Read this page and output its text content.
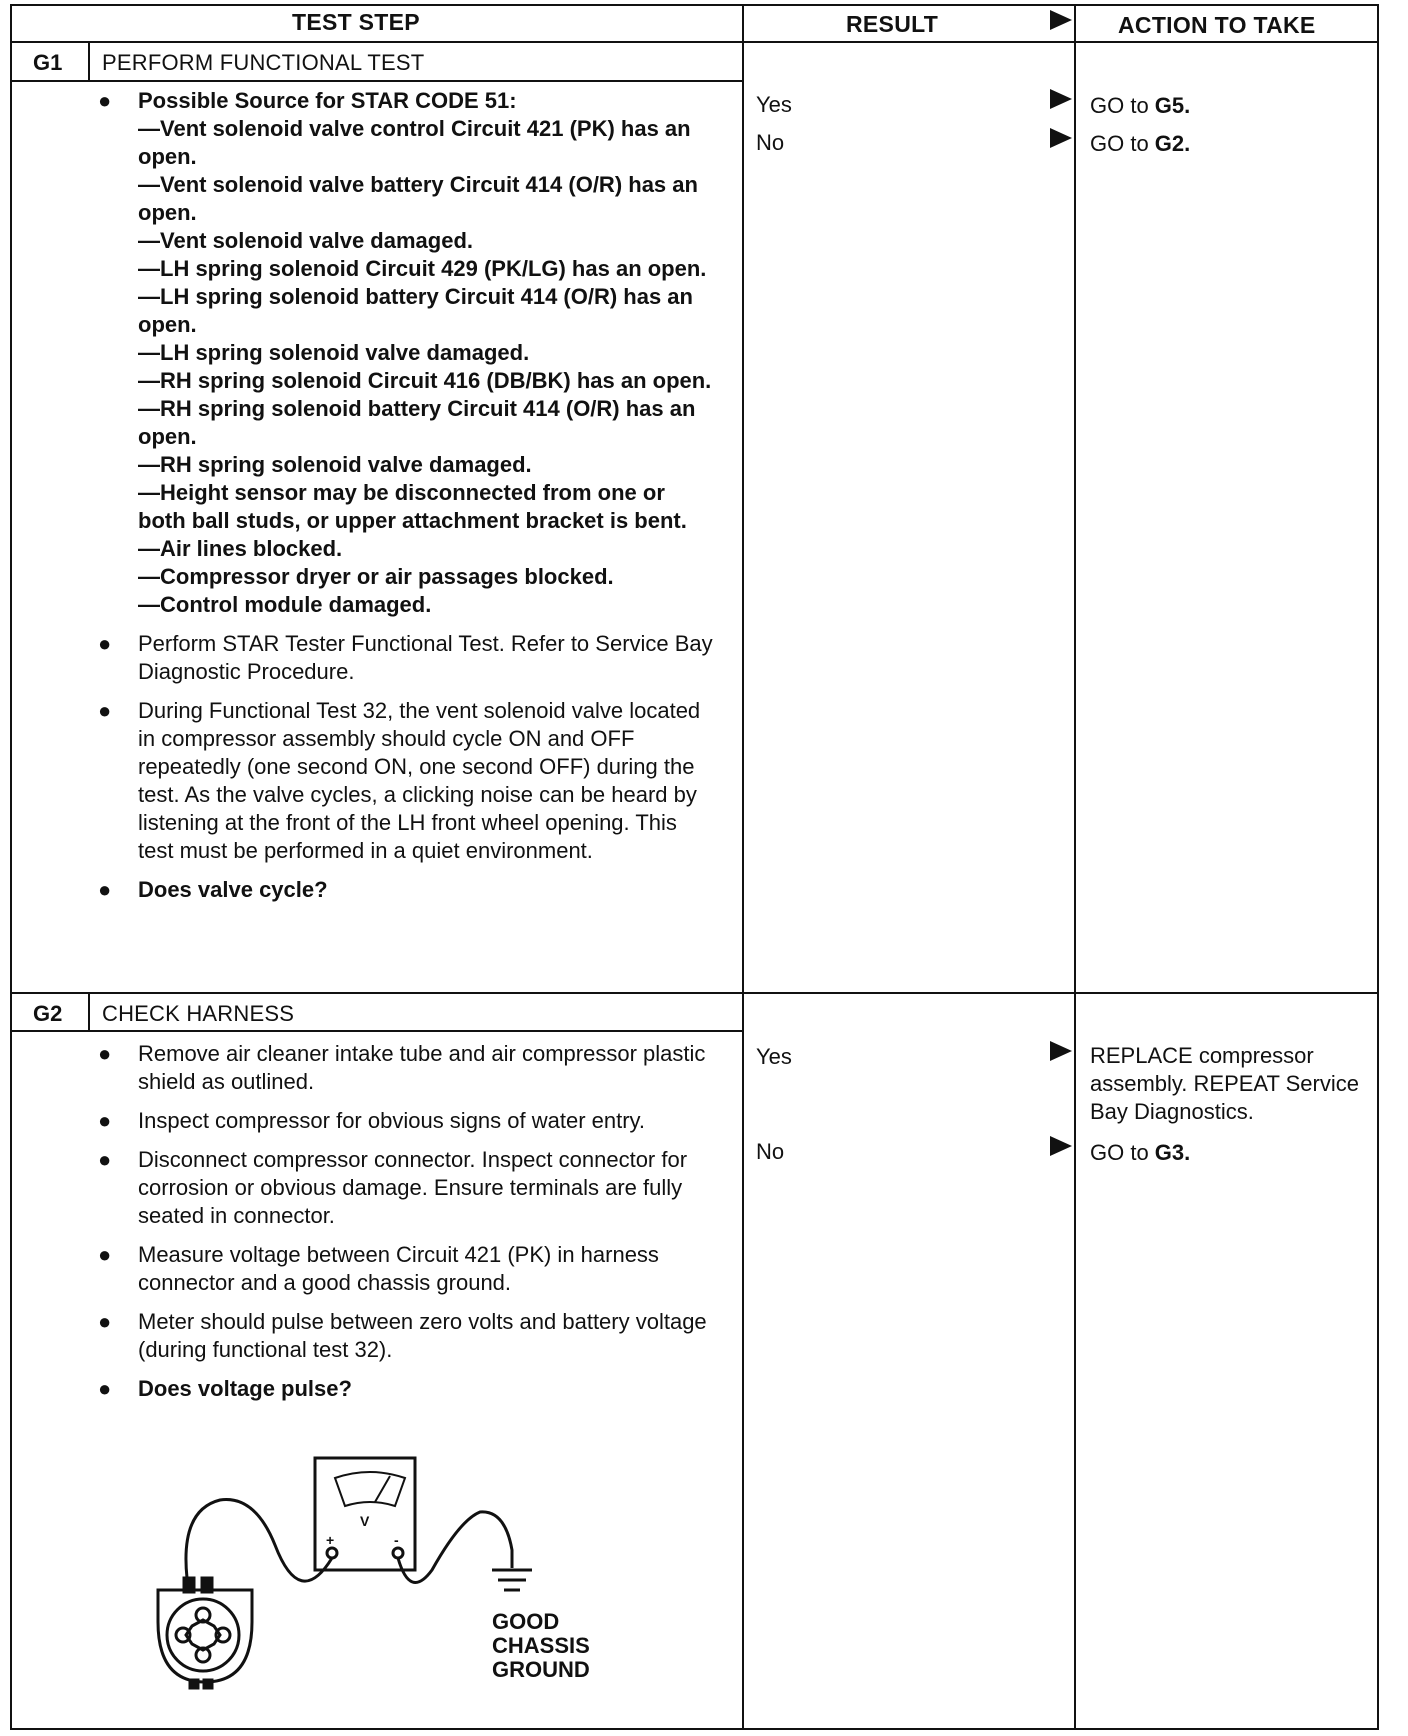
TEST STEP	RESULT	ACTION TO TAKE
G1 PERFORM FUNCTIONAL TEST
● Possible Source for STAR CODE 51:
—Vent solenoid valve control Circuit 421 (PK) has an open.
—Vent solenoid valve battery Circuit 414 (O/R) has an open.
—Vent solenoid valve damaged.
—LH spring solenoid Circuit 429 (PK/LG) has an open.
—LH spring solenoid battery Circuit 414 (O/R) has an open.
—LH spring solenoid valve damaged.
—RH spring solenoid Circuit 416 (DB/BK) has an open.
—RH spring solenoid battery Circuit 414 (O/R) has an open.
—RH spring solenoid valve damaged.
—Height sensor may be disconnected from one or both ball studs, or upper attachment bracket is bent.
—Air lines blocked.
—Compressor dryer or air passages blocked.
—Control module damaged.
● Perform STAR Tester Functional Test. Refer to Service Bay Diagnostic Procedure.
● During Functional Test 32, the vent solenoid valve located in compressor assembly should cycle ON and OFF repeatedly (one second ON, one second OFF) during the test. As the valve cycles, a clicking noise can be heard by listening at the front of the LH front wheel opening. This test must be performed in a quiet environment.
● Does valve cycle?
Yes	GO to G5.
No	GO to G2.
G2 CHECK HARNESS
● Remove air cleaner intake tube and air compressor plastic shield as outlined.
● Inspect compressor for obvious signs of water entry.
● Disconnect compressor connector. Inspect connector for corrosion or obvious damage. Ensure terminals are fully seated in connector.
● Measure voltage between Circuit 421 (PK) in harness connector and a good chassis ground.
● Meter should pulse between zero volts and battery voltage (during functional test 32).
● Does voltage pulse?
Yes	REPLACE compressor assembly. REPEAT Service Bay Diagnostics.
No	GO to G3.
V
+	-
GOOD
CHASSIS
GROUND
